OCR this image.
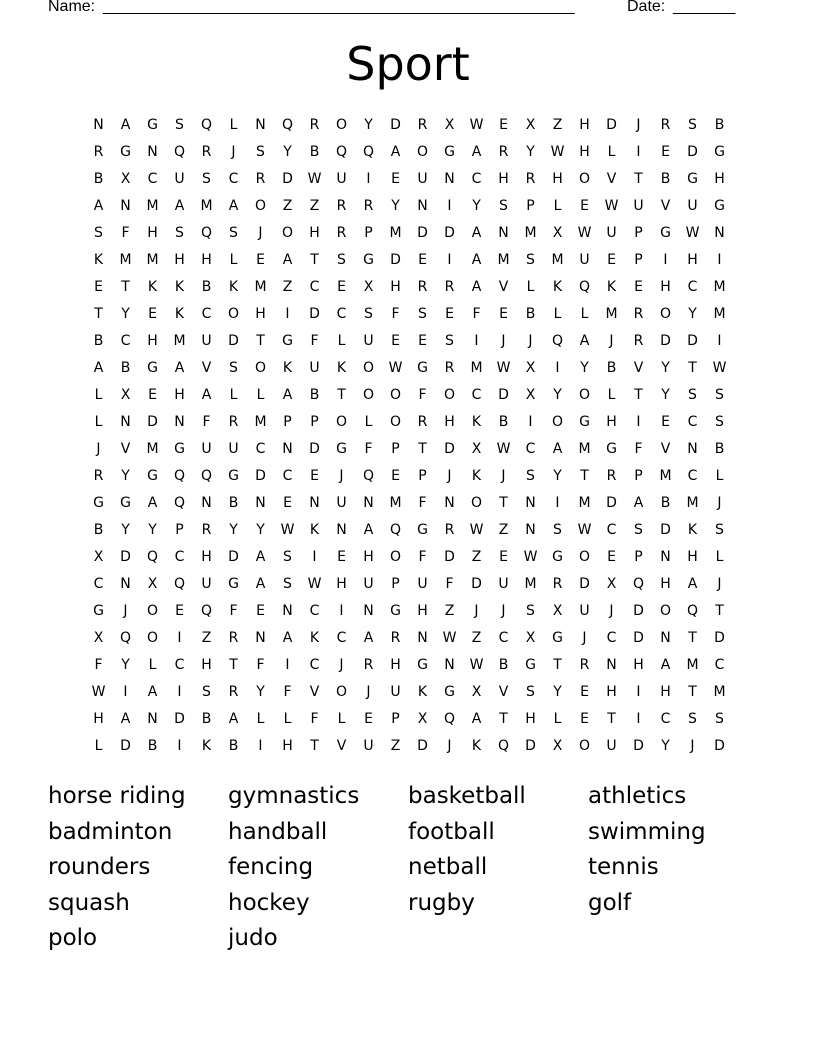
Name: _____________________________________________________	Date: _______
Sport
N	A	G	S	Q	L	N	Q	R	O	Y	D	R	X	W	E	X	Z	H	D	J	R	S	B
R	G	N	Q	R	J	S	Y	B	Q	Q	A	O	G	A	R	Y	W	H	L	I	E	D	G
B	X	C	U	S	C	R	D	W	U	I	E	U	N	C	H	R	H	O	V	T	B	G	H
A	N	M	A	M	A	O	Z	Z	R	R	Y	N	I	Y	S	P	L	E	W	U	V	U	G
S	F	H	S	Q	S	J	O	H	R	P	M	D	D	A	N	M	X	W	U	P	G	W	N
K	M	M	H	H	L	E	A	T	S	G	D	E	I	A	M	S	M	U	E	P	I	H	I
E	T	K	K	B	K	M	Z	C	E	X	H	R	R	A	V	L	K	Q	K	E	H	C	M
T	Y	E	K	C	O	H	I	D	C	S	F	S	E	F	E	B	L	L	M	R	O	Y	M
B	C	H	M	U	D	T	G	F	L	U	E	E	S	I	J	J	Q	A	J	R	D	D	I
A	B	G	A	V	S	O	K	U	K	O	W	G	R	M	W	X	I	Y	B	V	Y	T	W
L	X	E	H	A	L	L	A	B	T	O	O	F	O	C	D	X	Y	O	L	T	Y	S	S
L	N	D	N	F	R	M	P	P	O	L	O	R	H	K	B	I	O	G	H	I	E	C	S
J	V	M	G	U	U	C	N	D	G	F	P	T	D	X	W	C	A	M	G	F	V	N	B
R	Y	G	Q	Q	G	D	C	E	J	Q	E	P	J	K	J	S	Y	T	R	P	M	C	L
G	G	A	Q	N	B	N	E	N	U	N	M	F	N	O	T	N	I	M	D	A	B	M	J
B	Y	Y	P	R	Y	Y	W	K	N	A	Q	G	R	W	Z	N	S	W	C	S	D	K	S
X	D	Q	C	H	D	A	S	I	E	H	O	F	D	Z	E	W	G	O	E	P	N	H	L
C	N	X	Q	U	G	A	S	W	H	U	P	U	F	D	U	M	R	D	X	Q	H	A	J
G	J	O	E	Q	F	E	N	C	I	N	G	H	Z	J	J	S	X	U	J	D	O	Q	T
X	Q	O	I	Z	R	N	A	K	C	A	R	N	W	Z	C	X	G	J	C	D	N	T	D
F	Y	L	C	H	T	F	I	C	J	R	H	G	N	W	B	G	T	R	N	H	A	M	C
W	I	A	I	S	R	Y	F	V	O	J	U	K	G	X	V	S	Y	E	H	I	H	T	M
H	A	N	D	B	A	L	L	F	L	E	P	X	Q	A	T	H	L	E	T	I	C	S	S
L	D	B	I	K	B	I	H	T	V	U	Z	D	J	K	Q	D	X	O	U	D	Y	J	D
horse riding	gymnastics	basketball	athletics
badminton	handball	football	swimming
rounders	fencing	netball	tennis
squash	hockey	rugby	golf
polo	judo
